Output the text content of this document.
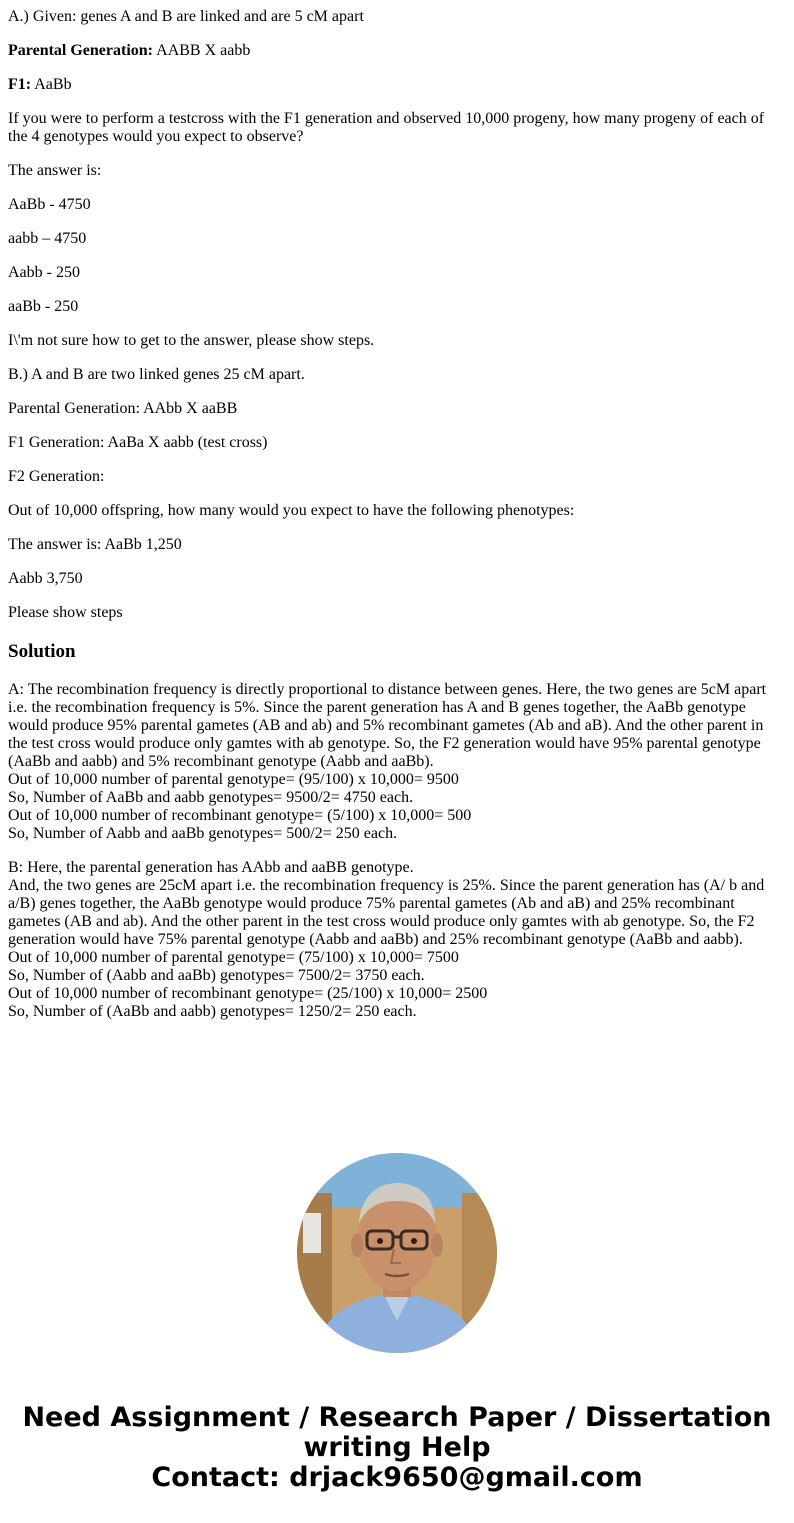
A.) Given: genes A and B are linked and are 5 cM apart

Parental Generation: AABB X aabb

F1: AaBb

If you were to perform a testcross with the F1 generation and observed 10,000 progeny, how many progeny of each of the 4 genotypes would you expect to observe?

The answer is:

AaBb - 4750

aabb – 4750

Aabb - 250

aaBb - 250

I\'m not sure how to get to the answer, please show steps.

B.) A and B are two linked genes 25 cM apart.

Parental Generation: AAbb X aaBB

F1 Generation: AaBa X aabb (test cross)

F2 Generation:

Out of 10,000 offspring, how many would you expect to have the following phenotypes:

The answer is: AaBb 1,250

Aabb 3,750

Please show steps

Solution

A: The recombination frequency is directly proportional to distance between genes. Here, the two genes are 5cM apart i.e. the recombination frequency is 5%. Since the parent generation has A and B genes together, the AaBb genotype would produce 95% parental gametes (AB and ab) and 5% recombinant gametes (Ab and aB). And the other parent in the test cross would produce only gamtes with ab genotype. So, the F2 generation would have 95% parental genotype (AaBb and aabb) and 5% recombinant genotype (Aabb and aaBb).

Out of 10,000 number of parental genotype= (95/100) x 10,000= 9500

So, Number of AaBb and aabb genotypes= 9500/2= 4750 each.

Out of 10,000 number of recombinant genotype= (5/100) x 10,000= 500

So, Number of Aabb and aaBb genotypes= 500/2= 250 each.

B: Here, the parental generation has AAbb and aaBB genotype.

And, the two genes are 25cM apart i.e. the recombination frequency is 25%. Since the parent generation has (A/ b and a/B) genes together, the AaBb genotype would produce 75% parental gametes (Ab and aB) and 25% recombinant gametes (AB and ab). And the other parent in the test cross would produce only gamtes with ab genotype. So, the F2 generation would have 75% parental genotype (Aabb and aaBb) and 25% recombinant genotype (AaBb and aabb).

Out of 10,000 number of parental genotype= (75/100) x 10,000= 7500

So, Number of (Aabb and aaBb) genotypes= 7500/2= 3750 each.

Out of 10,000 number of recombinant genotype= (25/100) x 10,000= 2500

So, Number of (AaBb and aabb) genotypes= 1250/2= 250 each.

Need Assignment / Research Paper / Dissertation
writing Help
Contact: drjack9650@gmail.com
